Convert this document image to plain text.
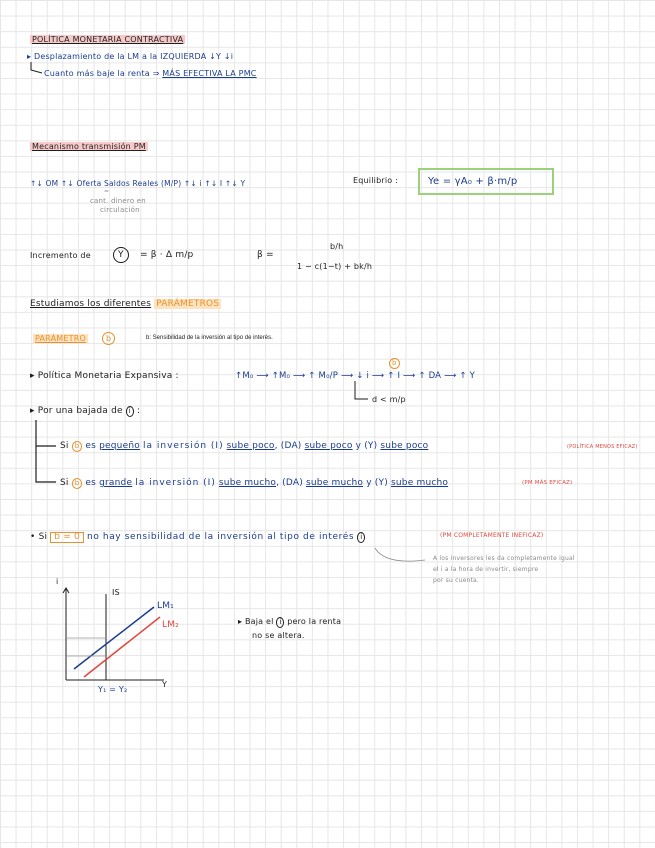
POLÍTICA MONETARIA CONTRACTIVA
▸ Desplazamiento de la LM a la IZQUIERDA ↓Y ↓i
Cuanto más baje la renta ⇒ MÁS EFECTIVA LA PMC
Mecanismo transmisión PM
↑↓ OM ↑↓ Oferta Saldos Reales (M/P) ↑↓ i ↑↓ I ↑↓ Y
=
cant. dinero en
circulación
Equilibrio :	Ye = γA₀ + β·m/p
Incremento de	Y	= β · Δ m/p	β =
b/h
1 − c(1−t) + bk/h
Estudiamos los diferentes PARÁMETROS
PARÁMETRO	b	b: Sensibilidad de la inversión al tipo de interés.
▸ Política Monetaria Expansiva :	↑M₀ ⟶ ↑M₀ ⟶ ↑ M₀/P ⟶ ↓ i ⟶ ↑ I ⟶ ↑ DA ⟶ ↑ Y
b
d < m/p
▸ Por una bajada de i :
Si b es pequeño la inversión (I) sube poco, (DA) sube poco y (Y) sube poco	(POLÍTICA MENOS EFICAZ)
Si b es grande la inversión (I) sube mucho, (DA) sube mucho y (Y) sube mucho	(PM MÁS EFICAZ)
• Si b = 0 no hay sensibilidad de la inversión al tipo de interés i	(PM COMPLETAMENTE INEFICAZ)
A los inversores les da completamente igual
el i a la hora de invertir, siempre
por su cuenta.
i
IS
LM₁
LM₂
Y
Y₁ = Y₂
▸ Baja el i pero la renta
no se altera.
